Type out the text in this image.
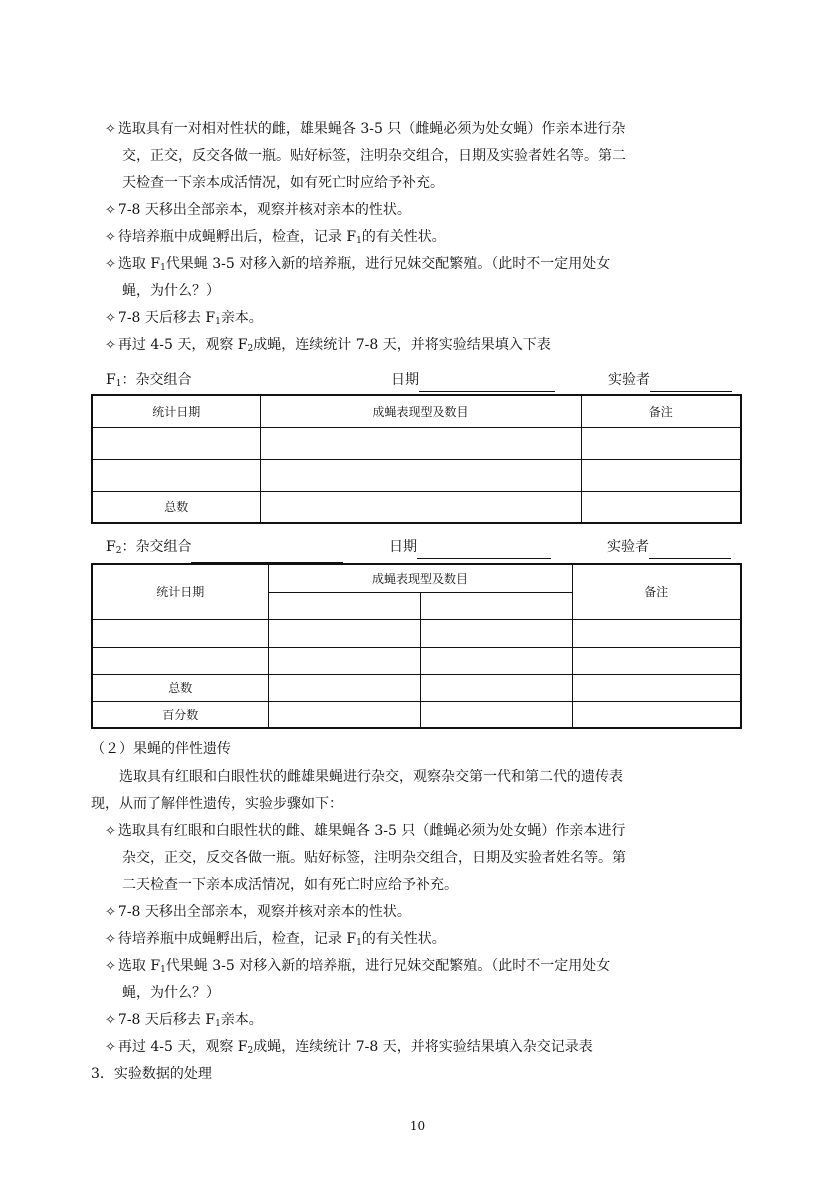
✧ 选取具有一对相对性状的雌，雄果蝇各 3-5 只（雌蝇必须为处女蝇）作亲本进行杂
交，正交，反交各做一瓶。贴好标签，注明杂交组合，日期及实验者姓名等。第二
天检查一下亲本成活情况，如有死亡时应给予补充。
✧ 7-8 天移出全部亲本，观察并核对亲本的性状。
✧ 待培养瓶中成蝇孵出后，检查，记录 $F_1$的有关性状。
✧ 选取 $F_1$代果蝇 3-5 对移入新的培养瓶，进行兄妹交配繁殖。（此时不一定用处女
蝇，为什么？）
✧ 7-8 天后移去 $F_1$亲本。
✧ 再过 4-5 天，观察 $F_2$成蝇，连续统计 7-8 天，并将实验结果填入下表
$F_1$：杂交组合	日期	实验者
统计日期	成蝇表现型及数目	备注

总数		
$F_2$：杂交组合	日期	实验者
统计日期	成蝇表现型及数目		备注

总数			
百分数			
（２）果蝇的伴性遗传
选取具有红眼和白眼性状的雌雄果蝇进行杂交，观察杂交第一代和第二代的遗传表
现，从而了解伴性遗传，实验步骤如下：
✧ 选取具有红眼和白眼性状的雌、雄果蝇各 3-5 只（雌蝇必须为处女蝇）作亲本进行
杂交，正交，反交各做一瓶。贴好标签，注明杂交组合，日期及实验者姓名等。第
二天检查一下亲本成活情况，如有死亡时应给予补充。
✧ 7-8 天移出全部亲本，观察并核对亲本的性状。
✧ 待培养瓶中成蝇孵出后，检查，记录 $F_1$的有关性状。
✧ 选取 $F_1$代果蝇 3-5 对移入新的培养瓶，进行兄妹交配繁殖。（此时不一定用处女
蝇，为什么？）
✧ 7-8 天后移去 $F_1$亲本。
✧ 再过 4-5 天，观察 $F_2$成蝇，连续统计 7-8 天，并将实验结果填入杂交记录表
3．实验数据的处理
10
